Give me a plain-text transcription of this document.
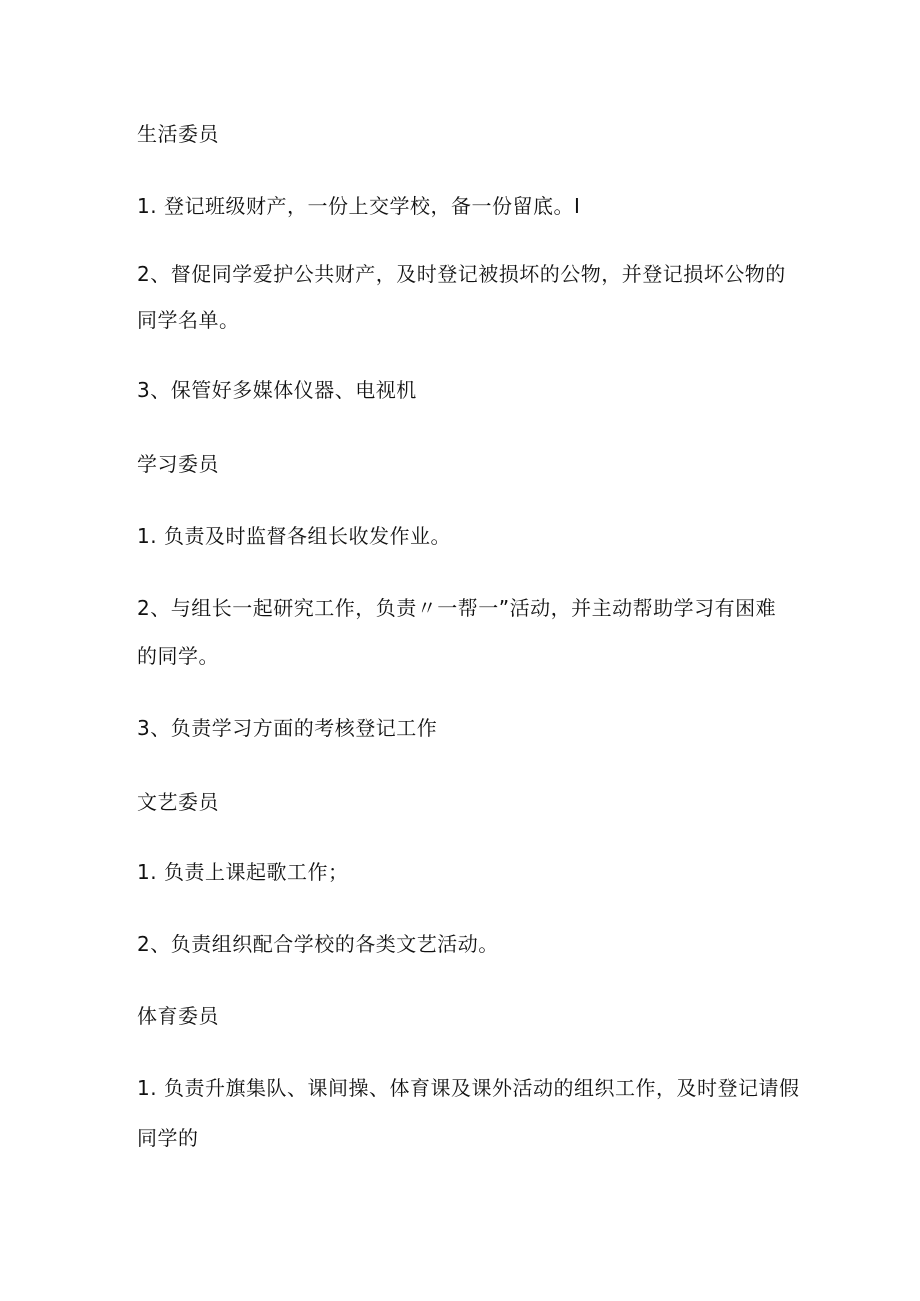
生活委员
1. 登记班级财产，一份上交学校，备一份留底。I
2、督促同学爱护公共财产，及时登记被损坏的公物，并登记损坏公物的
同学名单。
3、保管好多媒体仪器、电视机
学习委员
1. 负责及时监督各组长收发作业。
2、与组长一起研究工作，负责〃一帮一”活动，并主动帮助学习有困难
的同学。
3、负责学习方面的考核登记工作
文艺委员
1. 负责上课起歌工作；
2、负责组织配合学校的各类文艺活动。
体育委员
1. 负责升旗集队、课间操、体育课及课外活动的组织工作，及时登记请假
同学的
